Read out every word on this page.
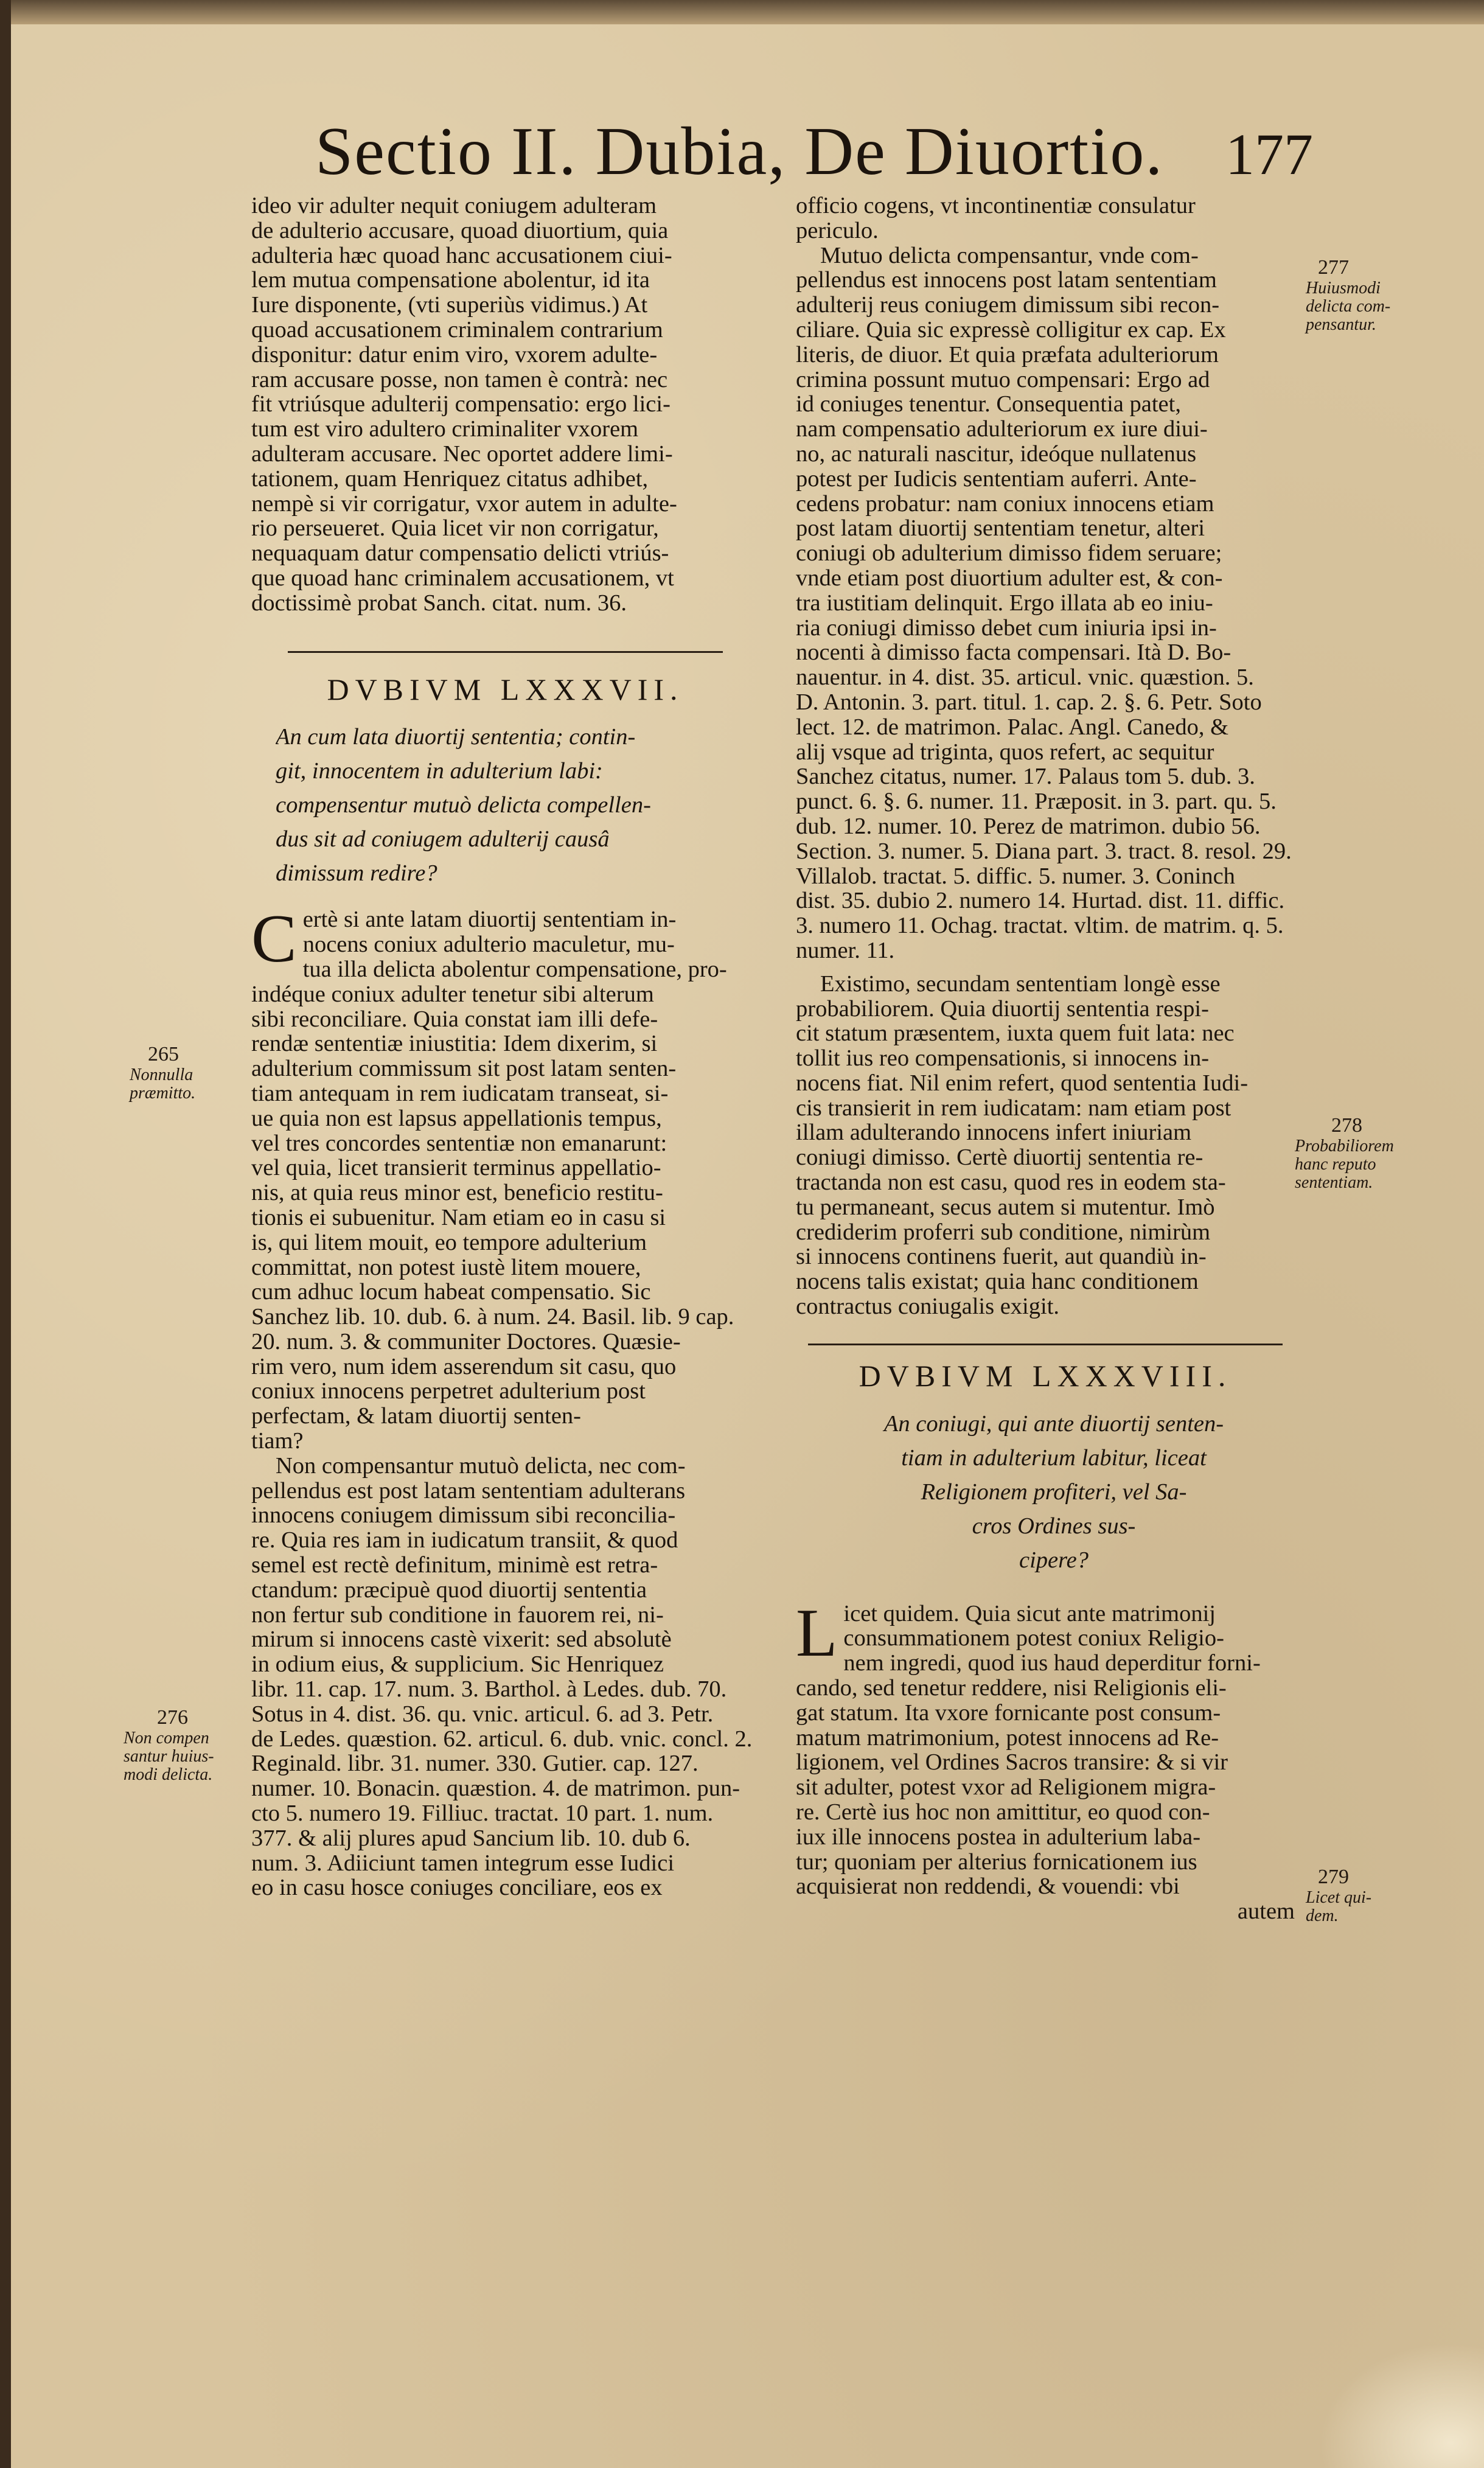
Sectio II. Dubia, De Diuortio. 177

ideo vir adulter nequit coniugem adulteram
de adulterio accusare, quoad diuortium, quia
adulteria hæc quoad hanc accusationem ciui-
lem mutua compensatione abolentur, id ita
Iure disponente, (vti superiùs vidimus.) At
quoad accusationem criminalem contrarium
disponitur: datur enim viro, vxorem adulte-
ram accusare posse, non tamen è contrà: nec
fit vtriúsque adulterij compensatio: ergo lici-
tum est viro adultero criminaliter vxorem
adulteram accusare. Nec oportet addere limi-
tationem, quam Henriquez citatus adhibet,
nempè si vir corrigatur, vxor autem in adulte-
rio perseueret. Quia licet vir non corrigatur,
nequaquam datur compensatio delicti vtriús-
que quoad hanc criminalem accusationem, vt
doctissimè probat Sanch. citat. num. 36.

DVBIVM LXXXVII.
An cum lata diuortij sententia; contin-
git, innocentem in adulterium labi:
compensentur mutuò delicta compellen-
dus sit ad coniugem adulterij causâ
dimissum redire?

C ertè si ante latam diuortij sententiam in-
nocens coniux adulterio maculetur, mu-
tua illa delicta abolentur compensatione, pro-
indéque coniux adulter tenetur sibi alterum
sibi reconciliare. Quia constat iam illi defe-
rendæ sententiæ iniustitia: Idem dixerim, si
adulterium commissum sit post latam senten-
tiam antequam in rem iudicatam transeat, si-
ue quia non est lapsus appellationis tempus,
vel tres concordes sententiæ non emanarunt:
vel quia, licet transierit terminus appellatio-
nis, at quia reus minor est, beneficio restitu-
tionis ei subuenitur. Nam etiam eo in casu si
is, qui litem mouit, eo tempore adulterium
committat, non potest iustè litem mouere,
cum adhuc locum habeat compensatio. Sic
Sanchez lib. 10. dub. 6. à num. 24. Basil. lib. 9 cap.
20. num. 3. & communiter Doctores. Quæsie-
rim vero, num idem asserendum sit casu, quo
coniux innocens perpetret adulterium post
perfectam, & latam diuortij senten-
tiam?

Non compensantur mutuò delicta, nec com-
pellendus est post latam sententiam adulterans
innocens coniugem dimissum sibi reconcilia-
re. Quia res iam in iudicatum transiit, & quod
semel est rectè definitum, minimè est retra-
ctandum: præcipuè quod diuortij sententia
non fertur sub conditione in fauorem rei, ni-
mirum si innocens castè vixerit: sed absolutè
in odium eius, & supplicium. Sic Henriquez
libr. 11. cap. 17. num. 3. Barthol. à Ledes. dub. 70.
Sotus in 4. dist. 36. qu. vnic. articul. 6. ad 3. Petr.
de Ledes. quæstion. 62. articul. 6. dub. vnic. concl. 2.
Reginald. libr. 31. numer. 330. Gutier. cap. 127.
numer. 10. Bonacin. quæstion. 4. de matrimon. pun-
cto 5. numero 19. Filliuc. tractat. 10 part. 1. num.
377. & alij plures apud Sancium lib. 10. dub 6.
num. 3. Adiiciunt tamen integrum esse Iudici
eo in casu hosce coniuges conciliare, eos ex

officio cogens, vt incontinentiæ consulatur
periculo.

Mutuo delicta compensantur, vnde com-
pellendus est innocens post latam sententiam
adulterij reus coniugem dimissum sibi recon-
ciliare. Quia sic expressè colligitur ex cap. Ex
literis, de diuor. Et quia præfata adulteriorum
crimina possunt mutuo compensari: Ergo ad
id coniuges tenentur. Consequentia patet,
nam compensatio adulteriorum ex iure diui-
no, ac naturali nascitur, ideóque nullatenus
potest per Iudicis sententiam auferri. Ante-
cedens probatur: nam coniux innocens etiam
post latam diuortij sententiam tenetur, alteri
coniugi ob adulterium dimisso fidem seruare;
vnde etiam post diuortium adulter est, & con-
tra iustitiam delinquit. Ergo illata ab eo iniu-
ria coniugi dimisso debet cum iniuria ipsi in-
nocenti à dimisso facta compensari. Ità D. Bo-
nauentur. in 4. dist. 35. articul. vnic. quæstion. 5.
D. Antonin. 3. part. titul. 1. cap. 2. §. 6. Petr. Soto
lect. 12. de matrimon. Palac. Angl. Canedo, &
alij vsque ad triginta, quos refert, ac sequitur
Sanchez citatus, numer. 17. Palaus tom 5. dub. 3.
punct. 6. §. 6. numer. 11. Præposit. in 3. part. qu. 5.
dub. 12. numer. 10. Perez de matrimon. dubio 56.
Section. 3. numer. 5. Diana part. 3. tract. 8. resol. 29.
Villalob. tractat. 5. diffic. 5. numer. 3. Coninch
dist. 35. dubio 2. numero 14. Hurtad. dist. 11. diffic.
3. numero 11. Ochag. tractat. vltim. de matrim. q. 5.
numer. 11.

Existimo, secundam sententiam longè esse
probabiliorem. Quia diuortij sententia respi-
cit statum præsentem, iuxta quem fuit lata: nec
tollit ius reo compensationis, si innocens in-
nocens fiat. Nil enim refert, quod sententia Iudi-
cis transierit in rem iudicatam: nam etiam post
illam adulterando innocens infert iniuriam
coniugi dimisso. Certè diuortij sententia re-
tractanda non est casu, quod res in eodem sta-
tu permaneant, secus autem si mutentur. Imò
crediderim proferri sub conditione, nimirùm
si innocens continens fuerit, aut quandiù in-
nocens talis existat; quia hanc conditionem
contractus coniugalis exigit.

DVBIVM LXXXVIII.
An coniugi, qui ante diuortij senten-
tiam in adulterium labitur, liceat
Religionem profiteri, vel Sa-
cros Ordines sus-
cipere?

L icet quidem. Quia sicut ante matrimonij
consummationem potest coniux Religio-
nem ingredi, quod ius haud deperditur forni-
cando, sed tenetur reddere, nisi Religionis eli-
gat statum. Ita vxore fornicante post consum-
matum matrimonium, potest innocens ad Re-
ligionem, vel Ordines Sacros transire: & si vir
sit adulter, potest vxor ad Religionem migra-
re. Certè ius hoc non amittitur, eo quod con-
iux ille innocens postea in adulterium laba-
tur; quoniam per alterius fornicationem ius
acquisierat non reddendi, & vouendi: vbi
autem

277
Huiusmodi
delicta com-
pensantur.
265
Nonnulla
præmitto.
278
Probabiliorem
hanc reputo
sententiam.
276
Non compen
santur huius-
modi delicta.
279
Licet qui-
dem.
